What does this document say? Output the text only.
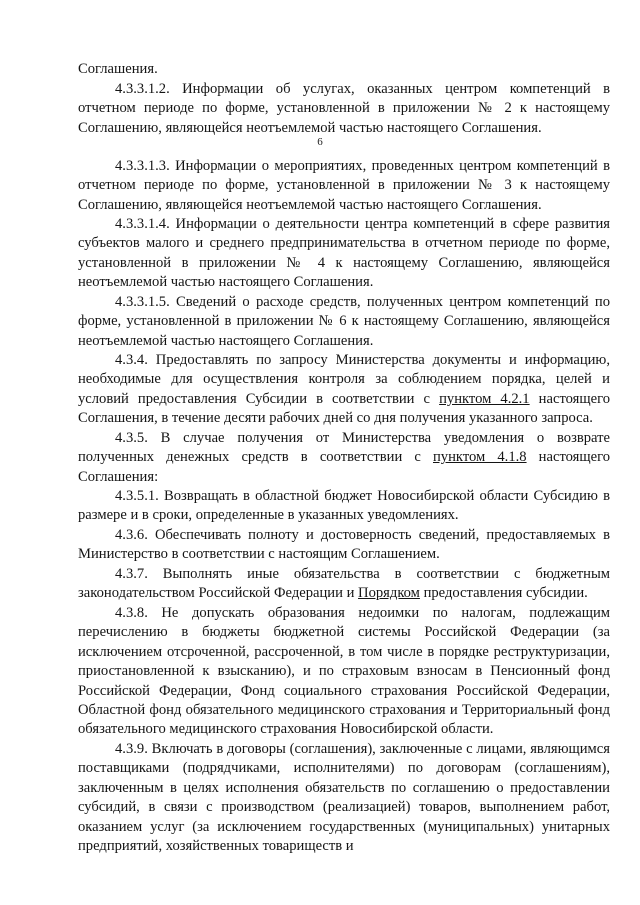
Соглашения.

4.3.3.1.2. Информации об услугах, оказанных центром компетенций в отчетном периоде по форме, установленной в приложении № 2 к настоящему Соглашению, являющейся неотъемлемой частью настоящего Соглашения.

6

4.3.3.1.3. Информации о мероприятиях, проведенных центром компетенций в отчетном периоде по форме, установленной в приложении № 3 к настоящему Соглашению, являющейся неотъемлемой частью настоящего Соглашения.

4.3.3.1.4. Информации о деятельности центра компетенций в сфере развития субъектов малого и среднего предпринимательства в отчетном периоде по форме, установленной в приложении № 4 к настоящему Соглашению, являющейся неотъемлемой частью настоящего Соглашения.

4.3.3.1.5. Сведений о расходе средств, полученных центром компетенций по форме, установленной в приложении № 6 к настоящему Соглашению, являющейся неотъемлемой частью настоящего Соглашения.

4.3.4. Предоставлять по запросу Министерства документы и информацию, необходимые для осуществления контроля за соблюдением порядка, целей и условий предоставления Субсидии в соответствии с пунктом 4.2.1 настоящего Соглашения, в течение десяти рабочих дней со дня получения указанного запроса.

4.3.5. В случае получения от Министерства уведомления о возврате полученных денежных средств в соответствии с пунктом 4.1.8 настоящего Соглашения:

4.3.5.1. Возвращать в областной бюджет Новосибирской области Субсидию в размере и в сроки, определенные в указанных уведомлениях.

4.3.6. Обеспечивать полноту и достоверность сведений, предоставляемых в Министерство в соответствии с настоящим Соглашением.

4.3.7. Выполнять иные обязательства в соответствии с бюджетным законодательством Российской Федерации и Порядком предоставления субсидии.

4.3.8. Не допускать образования недоимки по налогам, подлежащим перечислению в бюджеты бюджетной системы Российской Федерации (за исключением отсроченной, рассроченной, в том числе в порядке реструктуризации, приостановленной к взысканию), и по страховым взносам в Пенсионный фонд Российской Федерации, Фонд социального страхования Российской Федерации, Областной фонд обязательного медицинского страхования и Территориальный фонд обязательного медицинского страхования Новосибирской области.

4.3.9. Включать в договоры (соглашения), заключенные с лицами, являющимся поставщиками (подрядчиками, исполнителями) по договорам (соглашениям), заключенным в целях исполнения обязательств по соглашению о предоставлении субсидий, в связи с производством (реализацией) товаров, выполнением работ, оказанием услуг (за исключением государственных (муниципальных) унитарных предприятий, хозяйственных товариществ и
